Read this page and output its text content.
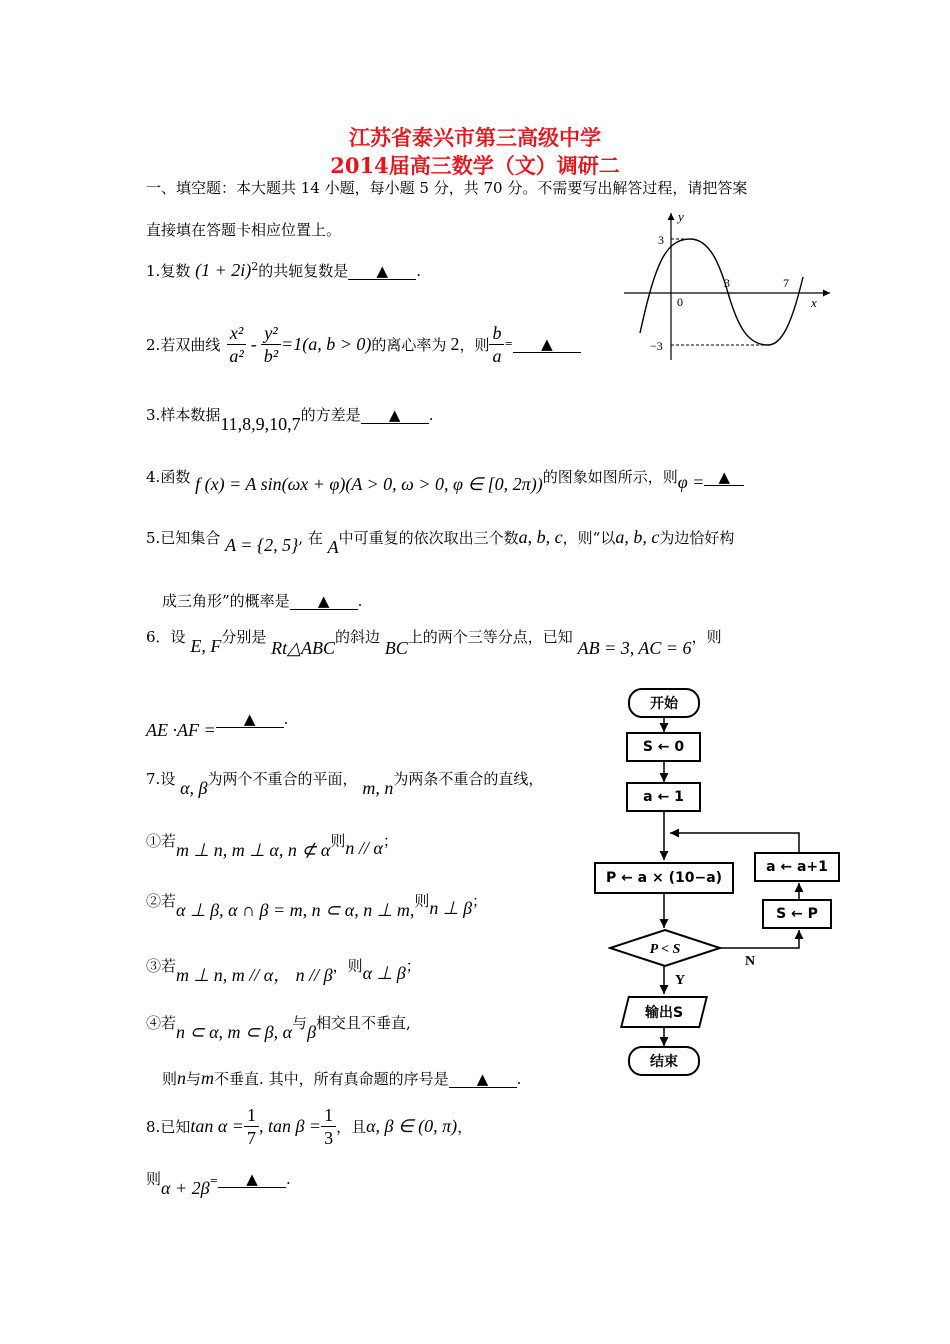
江苏省泰兴市第三高级中学
2014届高三数学（文）调研二
一、填空题：本大题共 14 小题，每小题 5 分，共 70 分。不需要写出解答过程，请把答案
直接填在答题卡相应位置上。
1.复数 $(1 + 2i)^2$的共轭复数是 ▲ .
2. 若双曲线 $\frac{\text{x²}}{\text{a²}} - \frac{\text{y²}}{\text{b²}} =1(a$, b > 0) 的离心率为 2 ，则 $\frac{b}{a}$ =	▲
3.样本数据11,8,9,10,7的方差是 ▲ .
4.函数 f (x) = A sin(ωx + φ)(A > 0, ω > 0, φ ∈ [0, 2π))的图象如图所示，则φ = ▲
5.已知集合 A = {2, 5}, 在 A中可重复的依次取出三个数a, b, c，则“以a, b, c为边恰好构
成三角形”的概率是 ▲ .
6．设 E, F分别是 Rt△ABC的斜边 BC上的两个三等分点，已知 AB = 3, AC = 6，则
AE ·AF =▲ .
7.设 α, β为两个不重合的平面， m, n为两条不重合的直线，
①若m ⊥ n, m ⊥ α, n ⊄ α则n // α；
②若α ⊥ β, α ∩ β = m, n ⊂ α, n ⊥ m,则n ⊥ β；
③若m ⊥ n, m // α， n // β，则α ⊥ β；
④若n ⊂ α, m ⊂ β, α与β相交且不垂直,
则n与m不垂直. 其中，所有真命题的序号是 ▲ .
8. 已知 $\tan \alpha = \frac{1}{7}$ , $\tan \beta = \frac{1}{3}$ ，且 α, β ∈ (0, π) ，
则α + 2β= ▲ .
y
x
0
3
−3
3	7
Y
N
开始
S ← 0
a ← 1
P ← a × (10−a)
P < S
a ← a+1
S ← P
输出S
结束
